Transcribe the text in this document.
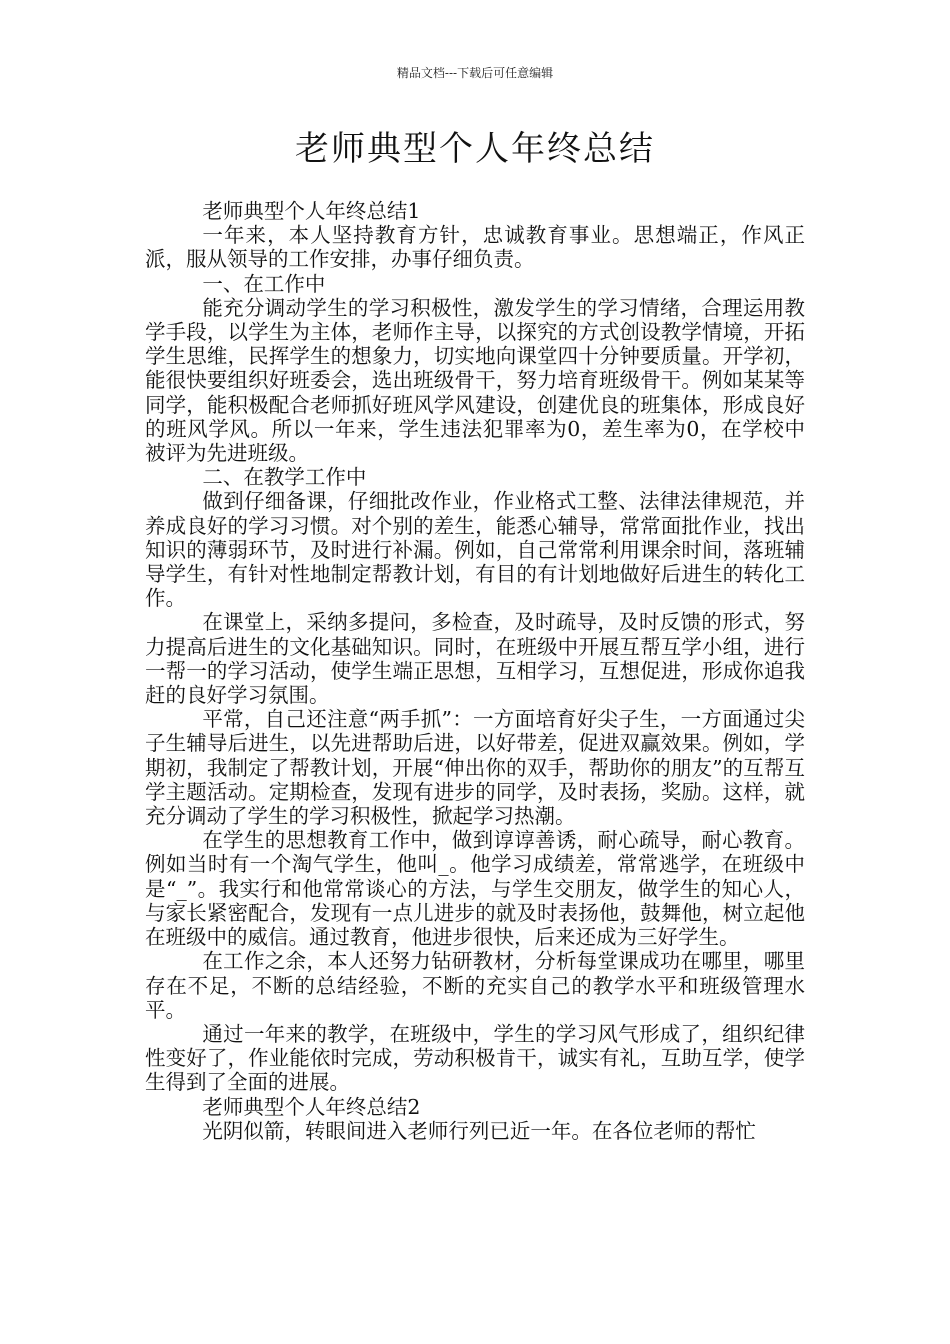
精品文档---下载后可任意编辑
老师典型个人年终总结

老师典型个人年终总结1

一年来，本人坚持教育方针，忠诚教育事业。思想端正，作风正派，服从领导的工作安排，办事仔细负责。

一、在工作中

能充分调动学生的学习积极性，激发学生的学习情绪，合理运用教学手段，以学生为主体，老师作主导，以探究的方式创设教学情境，开拓学生思维，民挥学生的想象力，切实地向课堂四十分钟要质量。开学初，能很快要组织好班委会，选出班级骨干，努力培育班级骨干。例如某某等同学，能积极配合老师抓好班风学风建设，创建优良的班集体，形成良好的班风学风。所以一年来，学生违法犯罪率为0，差生率为0，在学校中被评为先进班级。

二、在教学工作中

做到仔细备课，仔细批改作业，作业格式工整、法律法律规范，并养成良好的学习习惯。对个别的差生，能悉心辅导，常常面批作业，找出知识的薄弱环节，及时进行补漏。例如，自己常常利用课余时间，落班辅导学生，有针对性地制定帮教计划，有目的有计划地做好后进生的转化工作。

在课堂上，采纳多提问，多检查，及时疏导，及时反馈的形式，努力提高后进生的文化基础知识。同时，在班级中开展互帮互学小组，进行一帮一的学习活动，使学生端正思想，互相学习，互想促进，形成你追我赶的良好学习氛围。

平常，自己还注意“两手抓”：一方面培育好尖子生，一方面通过尖子生辅导后进生，以先进帮助后进，以好带差，促进双赢效果。例如，学期初，我制定了帮教计划，开展“伸出你的双手，帮助你的朋友”的互帮互学主题活动。定期检查，发现有进步的同学，及时表扬，奖励。这样，就充分调动了学生的学习积极性，掀起学习热潮。

在学生的思想教育工作中，做到谆谆善诱，耐心疏导，耐心教育。例如当时有一个淘气学生，他叫_。他学习成绩差，常常逃学，在班级中是“_”。我实行和他常常谈心的方法，与学生交朋友，做学生的知心人，与家长紧密配合，发现有一点儿进步的就及时表扬他，鼓舞他，树立起他在班级中的威信。通过教育，他进步很快，后来还成为三好学生。

在工作之余，本人还努力钻研教材，分析每堂课成功在哪里，哪里存在不足，不断的总结经验，不断的充实自己的教学水平和班级管理水平。

通过一年来的教学，在班级中，学生的学习风气形成了，组织纪律性变好了，作业能依时完成，劳动积极肯干，诚实有礼，互助互学，使学生得到了全面的进展。

老师典型个人年终总结2

光阴似箭，转眼间进入老师行列已近一年。在各位老师的帮忙
